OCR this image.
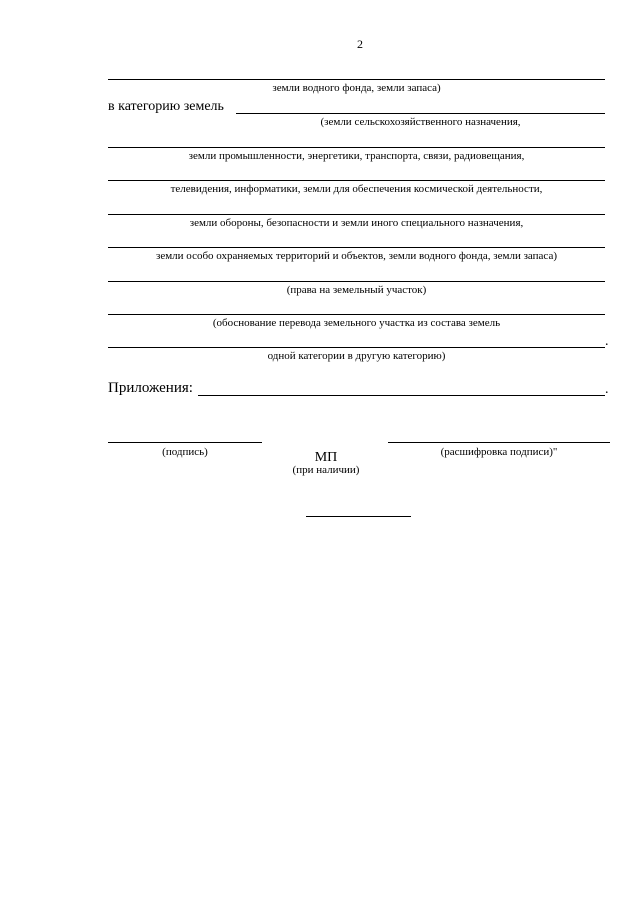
2
земли водного фонда, земли запаса)
в категорию земель
(земли сельскохозяйственного назначения,
земли промышленности, энергетики, транспорта, связи, радиовещания,
телевидения, информатики, земли для обеспечения космической деятельности,
земли обороны, безопасности и земли иного специального назначения,
земли особо охраняемых территорий и объектов, земли водного фонда, земли запаса)
(права на земельный участок)
(обоснование перевода земельного участка из состава земель
.
одной категории в другую категорию)
Приложения:	.
(подпись)	МП
(при наличии)
(расшифровка подписи)"
